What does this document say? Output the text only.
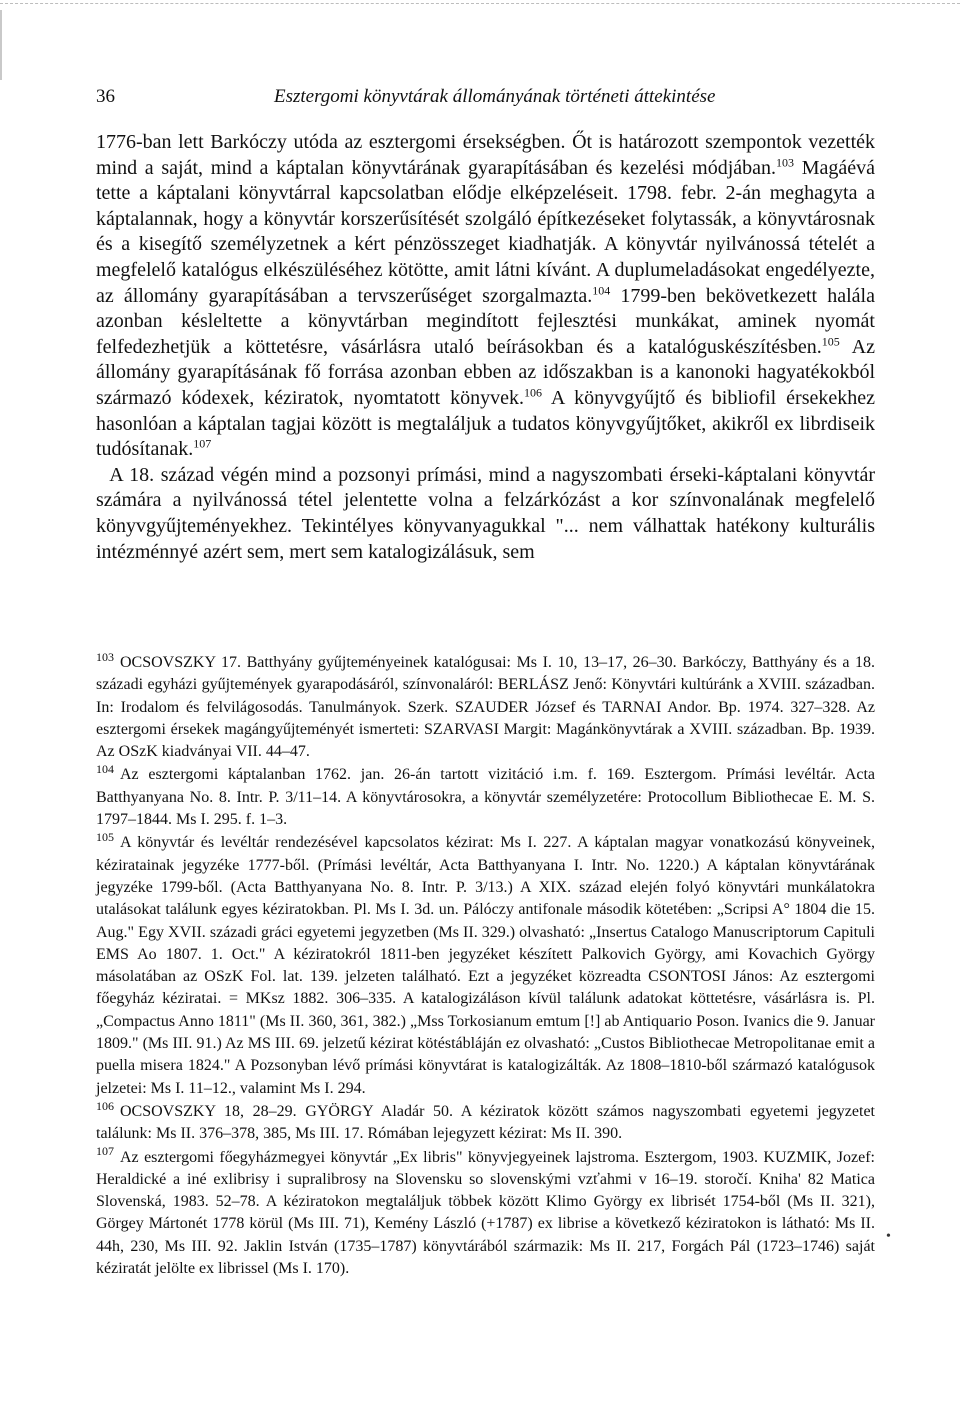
36	Esztergomi könyvtárak állományának történeti áttekintése

1776-ban lett Barkóczy utóda az esztergomi érsekségben. Őt is határozott szempontok vezették mind a saját, mind a káptalan könyvtárának gyarapításában és kezelési módjában.$^{103}$ Magáévá tette a káptalani könyvtárral kapcsolatban elődje elképzeléseit. 1798. febr. 2-án meghagyta a káptalannak, hogy a könyvtár korszerűsítését szolgáló építkezéseket folytassák, a könyvtárosnak és a kisegítő személyzetnek a kért pénzösszeget kiadhatják. A könyvtár nyilvánossá tételét a megfelelő katalógus elkészüléséhez kötötte, amit látni kívánt. A duplumeladásokat engedélyezte, az állomány gyarapításában a tervszerűséget szorgalmazta.$^{104}$ 1799-ben bekövetkezett halála azonban késleltette a könyvtárban megindított fejlesztési munkákat, aminek nyomát felfedezhetjük a köttetésre, vásárlásra utaló beírásokban és a katalóguskészítésben.$^{105}$ Az állomány gyarapításának fő forrása azonban ebben az időszakban is a kanonoki hagyatékokból származó kódexek, kéziratok, nyomtatott könyvek.$^{106}$ A könyvgyűjtő és bibliofil érsekekhez hasonlóan a káptalan tagjai között is megtaláljuk a tudatos könyvgyűjtőket, akikről ex librdiseik tudósítanak.$^{107}$

A 18. század végén mind a pozsonyi prímási, mind a nagyszombati érseki-káptalani könyvtár számára a nyilvánossá tétel jelentette volna a felzárkózást a kor színvonalának megfelelő könyvgyűjteményekhez. Tekintélyes könyvanyagukkal "... nem válhattak hatékony kulturális intézménnyé azért sem, mert sem katalogizálásuk, sem

$^{103}$ OCSOVSZKY 17. Batthyány gyűjteményeinek katalógusai: Ms I. 10, 13–17, 26–30. Barkóczy, Batthyány és a 18. századi egyházi gyűjtemények gyarapodásáról, színvonaláról: BERLÁSZ Jenő: Könyvtári kultúránk a XVIII. században. In: Irodalom és felvilágosodás. Tanulmányok. Szerk. SZAUDER József és TARNAI Andor. Bp. 1974. 327–328. Az esztergomi érsekek magángyűjteményét ismerteti: SZARVASI Margit: Magánkönyvtárak a XVIII. században. Bp. 1939. Az OSzK kiadványai VII. 44–47.

$^{104}$ Az esztergomi káptalanban 1762. jan. 26-án tartott vizitáció i.m. f. 169. Esztergom. Prímási levéltár. Acta Batthyanyana No. 8. Intr. P. 3/11–14. A könyvtárosokra, a könyvtár személyzetére: Protocollum Bibliothecae E. M. S. 1797–1844. Ms I. 295. f. 1–3.

$^{105}$ A könyvtár és levéltár rendezésével kapcsolatos kézirat: Ms I. 227. A káptalan magyar vonatkozású könyveinek, kéziratainak jegyzéke 1777-ből. (Prímási levéltár, Acta Batthyanyana I. Intr. No. 1220.) A káptalan könyvtárának jegyzéke 1799-ből. (Acta Batthyanyana No. 8. Intr. P. 3/13.) A XIX. század elején folyó könyvtári munkálatokra utalásokat találunk egyes kéziratokban. Pl. Ms I. 3d. un. Pálóczy antifonale második kötetében: „Scripsi A° 1804 die 15. Aug." Egy XVII. századi gráci egyetemi jegyzetben (Ms II. 329.) olvasható: „Insertus Catalogo Manuscriptorum Capituli EMS Ao 1807. 1. Oct." A kéziratokról 1811-ben jegyzéket készített Palkovich György, ami Kovachich György másolatában az OSzK Fol. lat. 139. jelzeten található. Ezt a jegyzéket közreadta CSONTOSI János: Az esztergomi főegyház kéziratai. = MKsz 1882. 306–335. A katalogizáláson kívül találunk adatokat köttetésre, vásárlásra is. Pl. „Compactus Anno 1811" (Ms II. 360, 361, 382.) „Mss Torkosianum emtum [!] ab Antiquario Poson. Ivanics die 9. Januar 1809." (Ms III. 91.) Az MS III. 69. jelzetű kézirat kötéstábláján ez olvasható: „Custos Bibliothecae Metropolitanae emit a puella misera 1824." A Pozsonyban lévő prímási könyvtárat is katalogizálták. Az 1808–1810-ből származó katalógusok jelzetei: Ms I. 11–12., valamint Ms I. 294.

$^{106}$ OCSOVSZKY 18, 28–29. GYÖRGY Aladár 50. A kéziratok között számos nagyszombati egyetemi jegyzetet találunk: Ms II. 376–378, 385, Ms III. 17. Rómában lejegyzett kézirat: Ms II. 390.

$^{107}$ Az esztergomi főegyházmegyei könyvtár „Ex libris" könyvjegyeinek lajstroma. Esztergom, 1903. KUZMIK, Jozef: Heraldické a iné exlibrisy i supralibrosy na Slovensku so slovenskými vzťahmi v 16–19. storočí. Kniha' 82 Matica Slovenská, 1983. 52–78. A kéziratokon megtaláljuk többek között Klimo György ex librisét 1754-ből (Ms II. 321), Görgey Mártonét 1778 körül (Ms III. 71), Kemény László (+1787) ex librise a következő kéziratokon is látható: Ms II. 44h, 230, Ms III. 92. Jaklin István (1735–1787) könyvtárából származik: Ms II. 217, Forgách Pál (1723–1746) saját kéziratát jelölte ex librissel (Ms I. 170).

•
